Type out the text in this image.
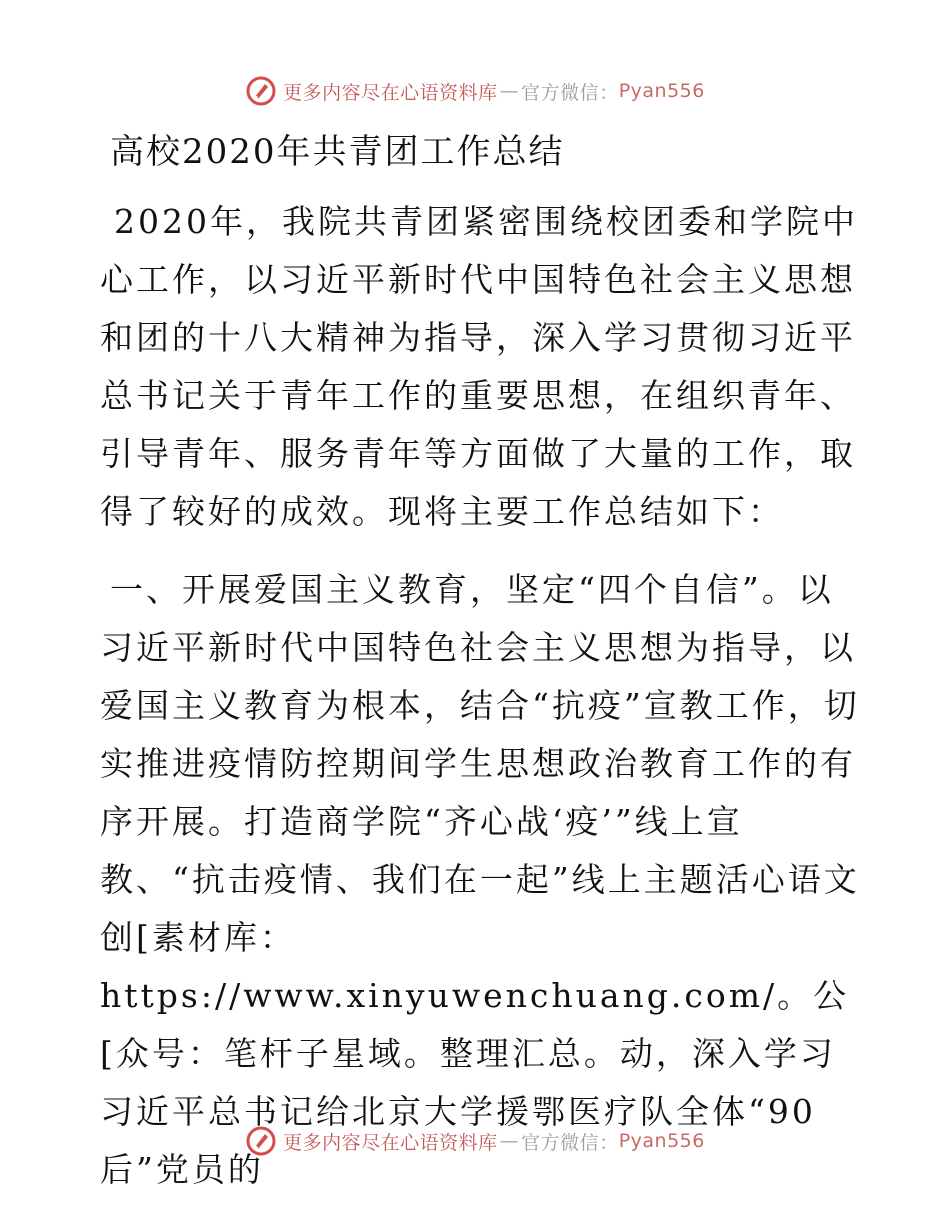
更多内容尽在心语资料库 — 官方微信： Pyan556
高校2020年共青团工作总结

2020年，我院共青团紧密围绕校团委和学院中心工作，以习近平新时代中国特色社会主义思想和团的十八大精神为指导，深入学习贯彻习近平总书记关于青年工作的重要思想，在组织青年、引导青年、服务青年等方面做了大量的工作，取得了较好的成效。现将主要工作总结如下：

一、开展爱国主义教育，坚定“四个自信”。以习近平新时代中国特色社会主义思想为指导，以爱国主义教育为根本，结合“抗疫”宣教工作，切实推进疫情防控期间学生思想政治教育工作的有序开展。打造商学院“齐心战‘疫’”线上宣教、“抗击疫情、我们在一起”线上主题活心语文创[素材库：https://www.xinyuwenchuang.com/。公[众号：笔杆子星域。整理汇总。动，深入学习习近平总书记给北京大学援鄂医疗队全体“90后”党员的

更多内容尽在心语资料库 — 官方微信： Pyan556
